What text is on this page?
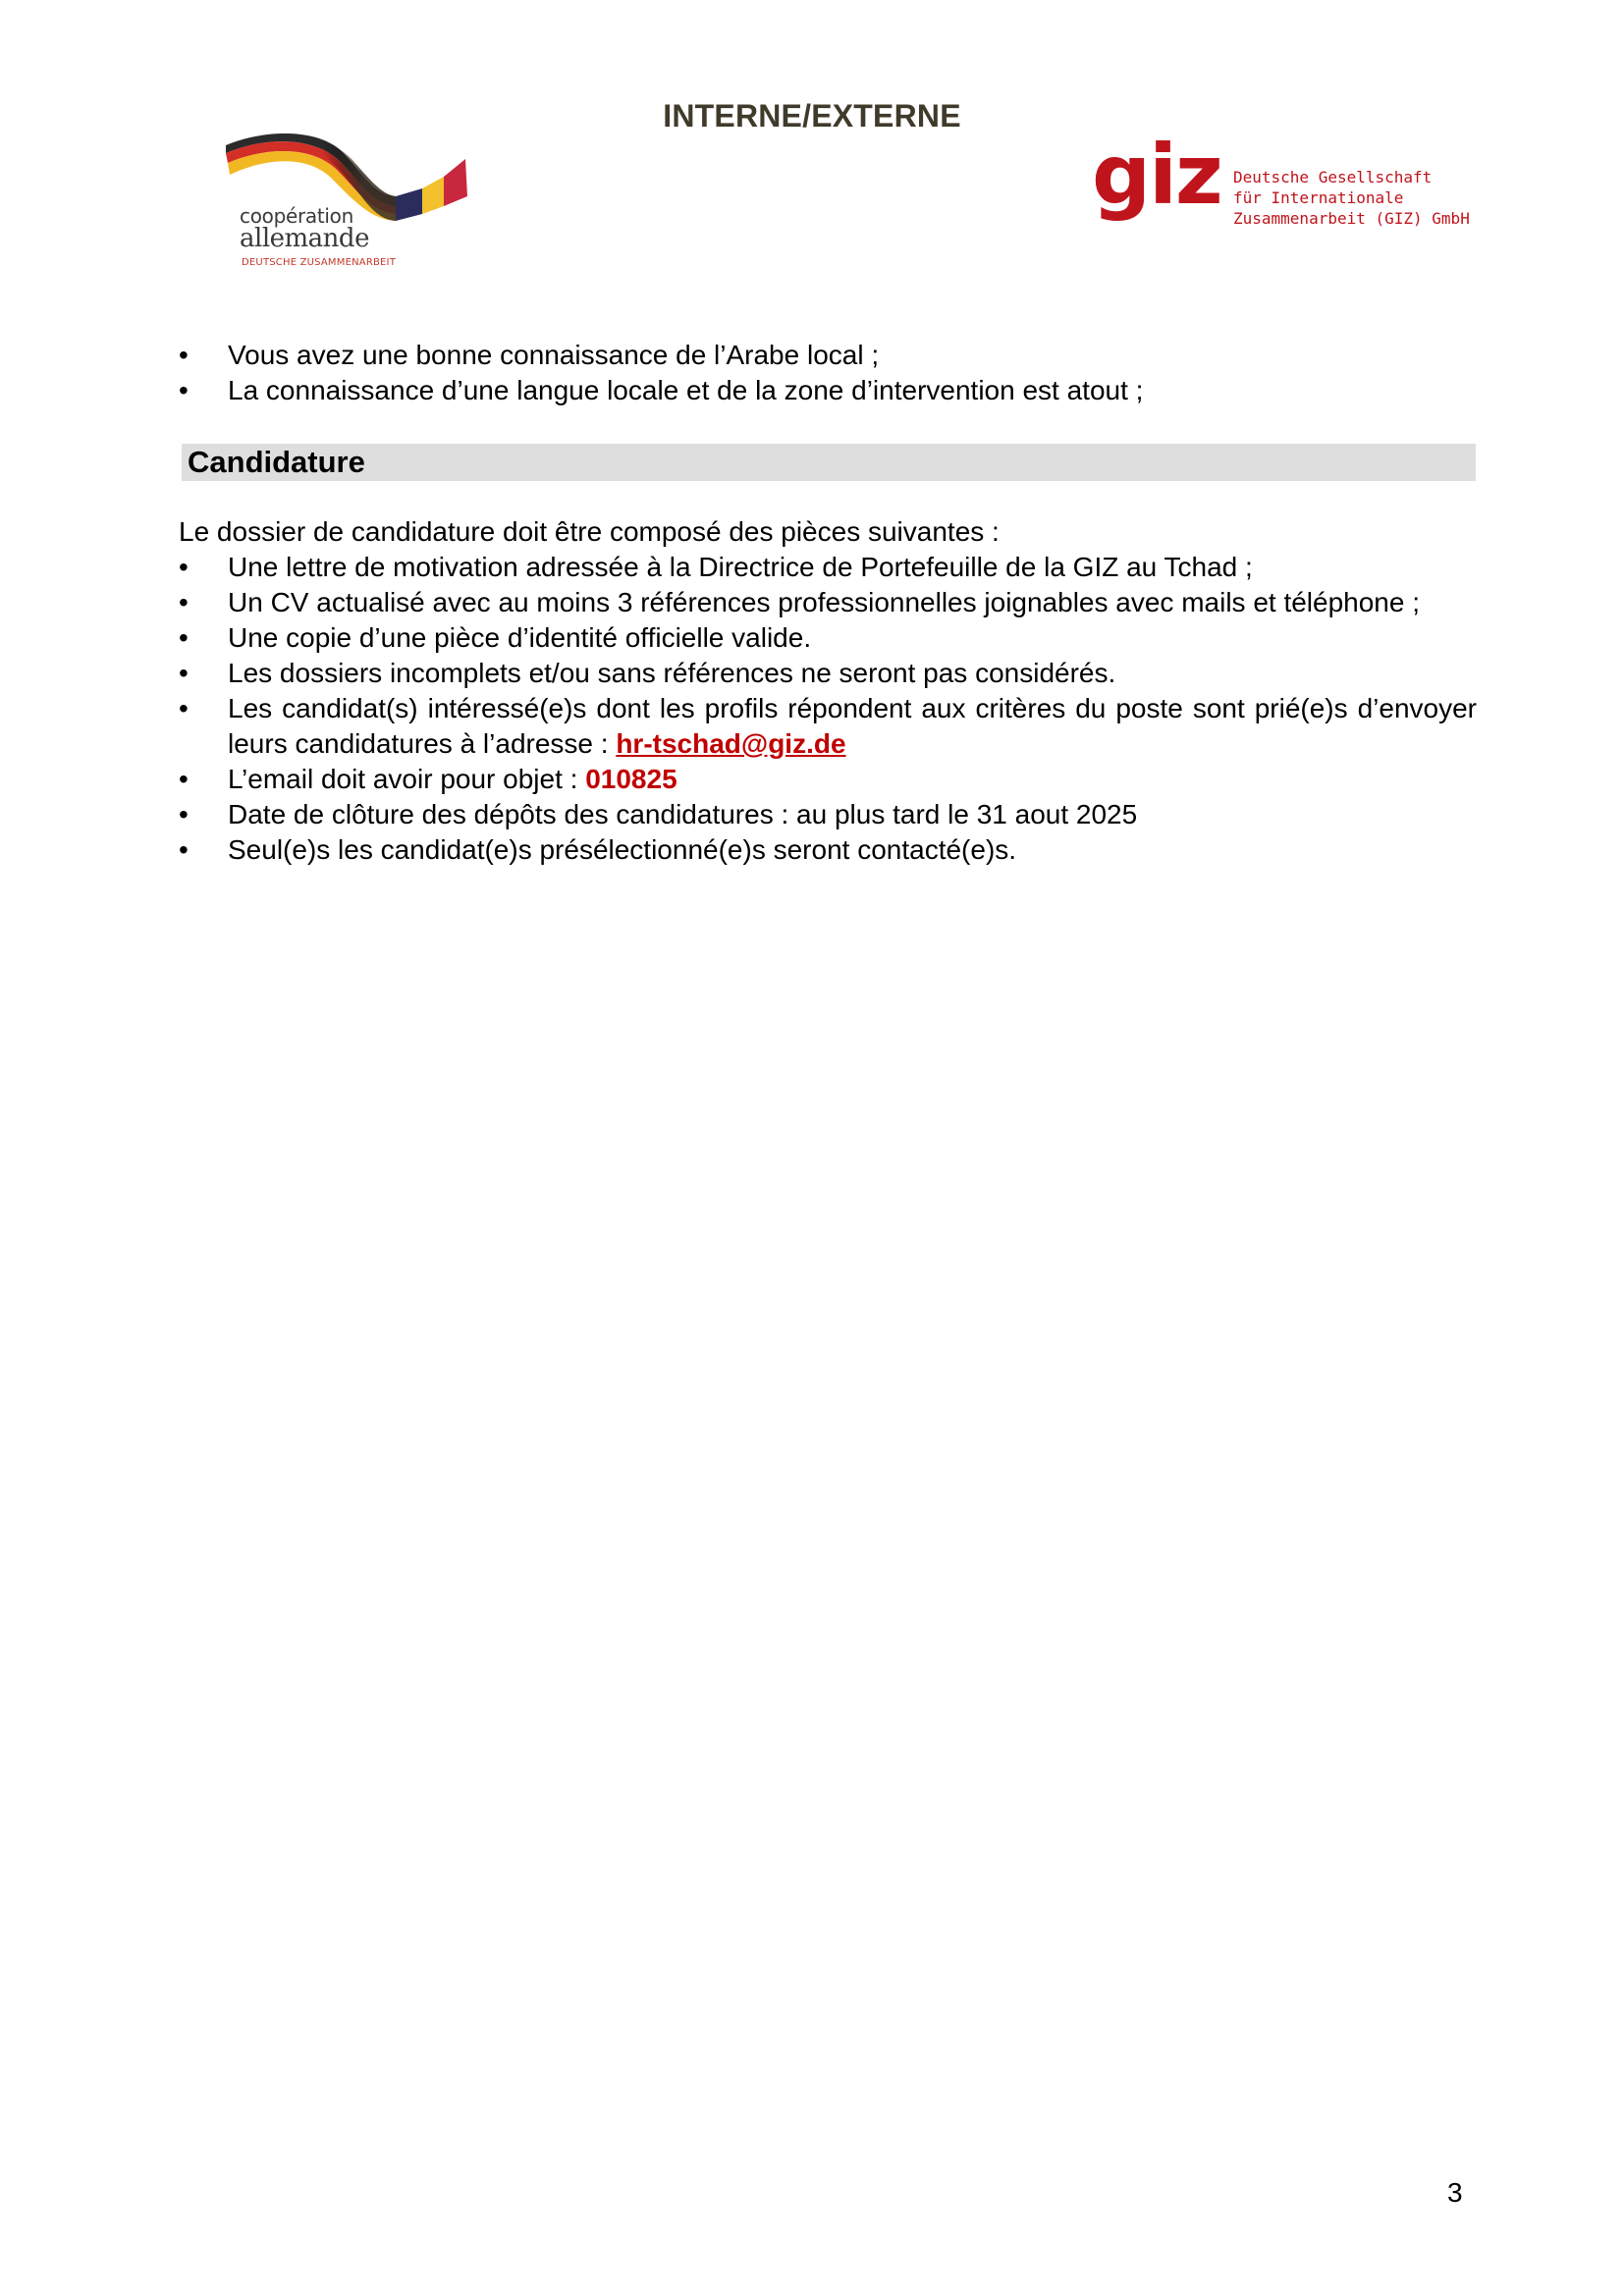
INTERNE/EXTERNE
coopération
allemande
DEUTSCHE ZUSAMMENARBEIT
giz Deutsche Gesellschaft
für Internationale
Zusammenarbeit (GIZ) GmbH
• Vous avez une bonne connaissance de l’Arabe local ;
• La connaissance d’une langue locale et de la zone d’intervention est atout ;
Candidature
Le dossier de candidature doit être composé des pièces suivantes :
• Une lettre de motivation adressée à la Directrice de Portefeuille de la GIZ au Tchad ;
• Un CV actualisé avec au moins 3 références professionnelles joignables avec mails et téléphone ;
• Une copie d’une pièce d’identité officielle valide.
• Les dossiers incomplets et/ou sans références ne seront pas considérés.
• Les candidat(s) intéressé(e)s dont les profils répondent aux critères du poste sont prié(e)s d’envoyer leurs candidatures à l’adresse : hr-tschad@giz.de
• L’email doit avoir pour objet : 010825
• Date de clôture des dépôts des candidatures : au plus tard le 31 aout 2025
• Seul(e)s les candidat(e)s présélectionné(e)s seront contacté(e)s.
3
